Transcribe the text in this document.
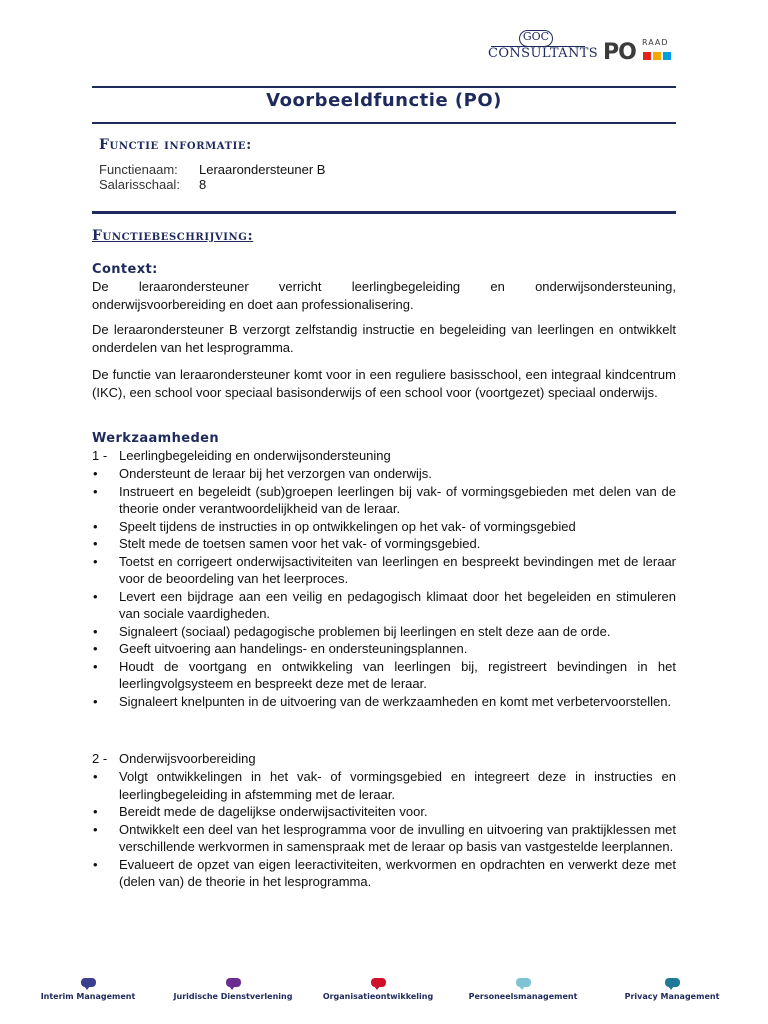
GOC
CONSULTANTS PO RAAD
Voorbeeldfunctie (PO)
Functie informatie:
Functienaam: Leraarondersteuner B
Salarisschaal: 8
Functiebeschrijving:
Context:
De leraarondersteuner verricht leerlingbegeleiding en onderwijsondersteuning, onderwijsvoorbereiding en doet aan professionalisering.
De leraarondersteuner B verzorgt zelfstandig instructie en begeleiding van leerlingen en ontwikkelt onderdelen van het lesprogramma.
De functie van leraarondersteuner komt voor in een reguliere basisschool, een integraal kindcentrum (IKC), een school voor speciaal basisonderwijs of een school voor (voortgezet) speciaal onderwijs.
Werkzaamheden
1 - Leerlingbegeleiding en onderwijsondersteuning
• Ondersteunt de leraar bij het verzorgen van onderwijs.
• Instrueert en begeleidt (sub)groepen leerlingen bij vak- of vormingsgebieden met delen van de theorie onder verantwoordelijkheid van de leraar.
• Speelt tijdens de instructies in op ontwikkelingen op het vak- of vormingsgebied
• Stelt mede de toetsen samen voor het vak- of vormingsgebied.
• Toetst en corrigeert onderwijsactiviteiten van leerlingen en bespreekt bevindingen met de leraar voor de beoordeling van het leerproces.
• Levert een bijdrage aan een veilig en pedagogisch klimaat door het begeleiden en stimuleren van sociale vaardigheden.
• Signaleert (sociaal) pedagogische problemen bij leerlingen en stelt deze aan de orde.
• Geeft uitvoering aan handelings- en ondersteuningsplannen.
• Houdt de voortgang en ontwikkeling van leerlingen bij, registreert bevindingen in het leerlingvolgsysteem en bespreekt deze met de leraar.
• Signaleert knelpunten in de uitvoering van de werkzaamheden en komt met verbetervoorstellen.
2 - Onderwijsvoorbereiding
• Volgt ontwikkelingen in het vak- of vormingsgebied en integreert deze in instructies en leerlingbegeleiding in afstemming met de leraar.
• Bereidt mede de dagelijkse onderwijsactiviteiten voor.
• Ontwikkelt een deel van het lesprogramma voor de invulling en uitvoering van praktijklessen met verschillende werkvormen in samenspraak met de leraar op basis van vastgestelde leerplannen.
• Evalueert de opzet van eigen leeractiviteiten, werkvormen en opdrachten en verwerkt deze met (delen van) de theorie in het lesprogramma.
Interim Management	Juridische Dienstverlening	Organisatieontwikkeling	Personeelsmanagement	Privacy Management
